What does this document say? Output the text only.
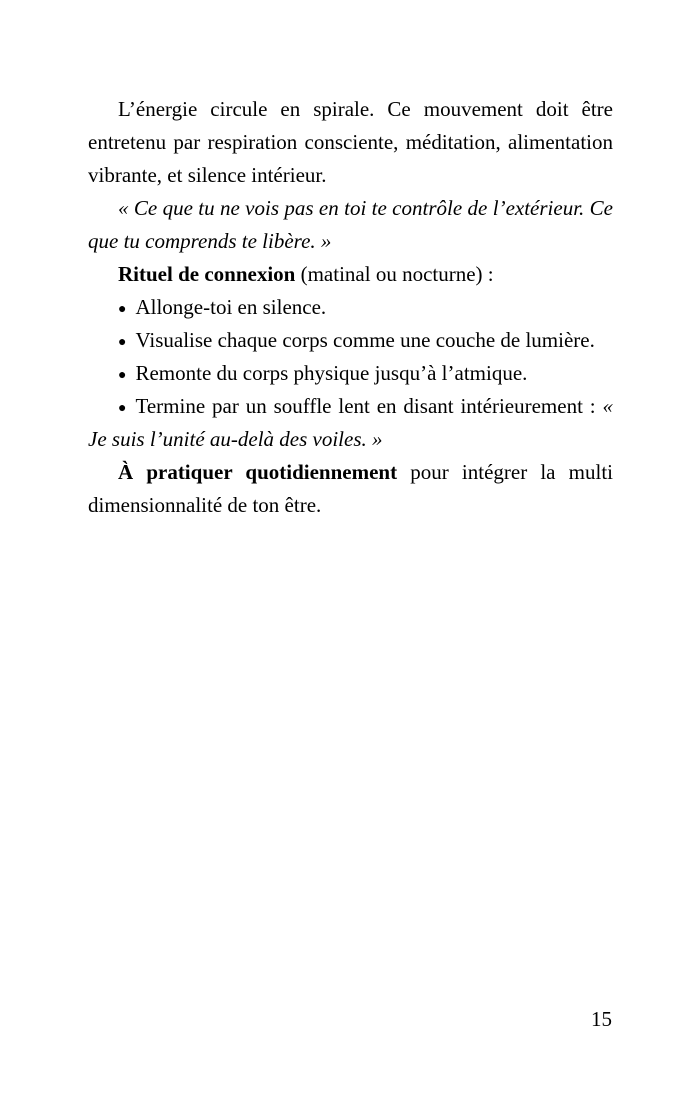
L’énergie circule en spirale. Ce mouvement doit être entretenu par respiration consciente, méditation, alimentation vibrante, et silence intérieur.

« Ce que tu ne vois pas en toi te contrôle de l’extérieur. Ce que tu comprends te libère. »

Rituel de connexion (matinal ou nocturne) :

● Allonge-toi en silence.

● Visualise chaque corps comme une couche de lumière.

● Remonte du corps physique jusqu’à l’atmique.

● Termine par un souffle lent en disant intérieurement : « Je suis l’unité au-delà des voiles. »

À pratiquer quotidiennement pour intégrer la multi dimensionnalité de ton être.

15
